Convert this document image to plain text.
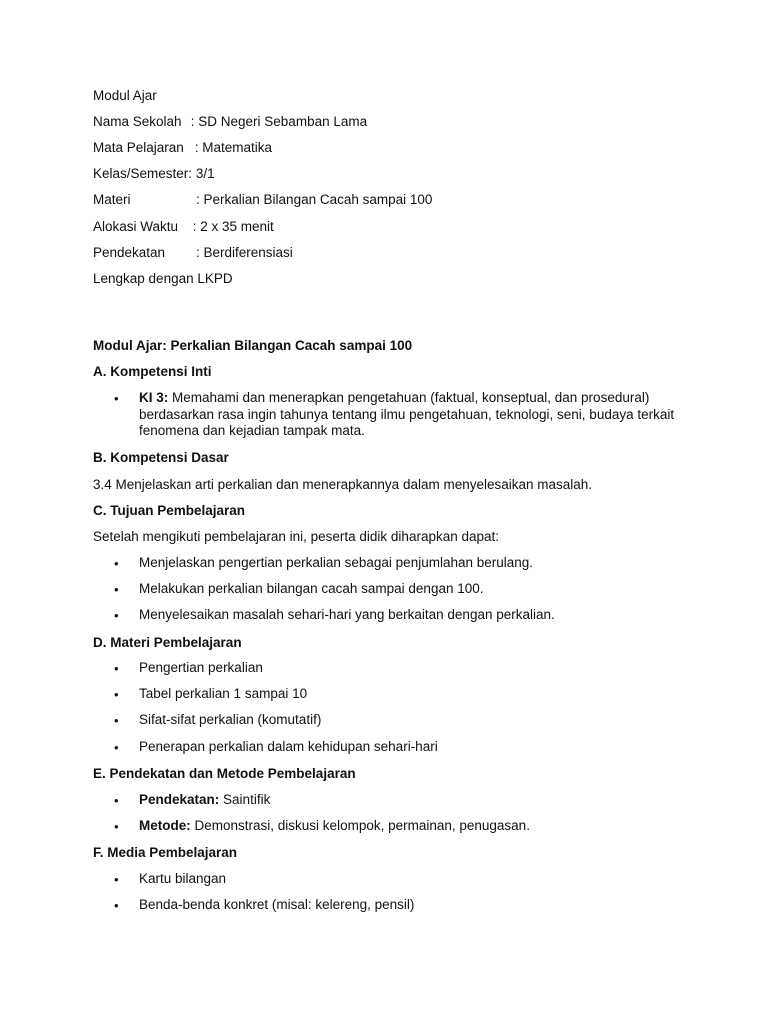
Modul Ajar
Nama Sekolah : SD Negeri Sebamban Lama
Mata Pelajaran : Matematika
Kelas/Semester: 3/1
Materi	: Perkalian Bilangan Cacah sampai 100
Alokasi Waktu : 2 x 35 menit
Pendekatan : Berdiferensiasi
Lengkap dengan LKPD
Modul Ajar: Perkalian Bilangan Cacah sampai 100
A. Kompetensi Inti
• KI 3: Memahami dan menerapkan pengetahuan (faktual, konseptual, dan prosedural) berdasarkan rasa ingin tahunya tentang ilmu pengetahuan, teknologi, seni, budaya terkait fenomena dan kejadian tampak mata.
B. Kompetensi Dasar
3.4 Menjelaskan arti perkalian dan menerapkannya dalam menyelesaikan masalah.
C. Tujuan Pembelajaran
Setelah mengikuti pembelajaran ini, peserta didik diharapkan dapat:
• Menjelaskan pengertian perkalian sebagai penjumlahan berulang.
• Melakukan perkalian bilangan cacah sampai dengan 100.
• Menyelesaikan masalah sehari-hari yang berkaitan dengan perkalian.
D. Materi Pembelajaran
• Pengertian perkalian
• Tabel perkalian 1 sampai 10
• Sifat-sifat perkalian (komutatif)
• Penerapan perkalian dalam kehidupan sehari-hari
E. Pendekatan dan Metode Pembelajaran
• Pendekatan: Saintifik
• Metode: Demonstrasi, diskusi kelompok, permainan, penugasan.
F. Media Pembelajaran
• Kartu bilangan
• Benda-benda konkret (misal: kelereng, pensil)
